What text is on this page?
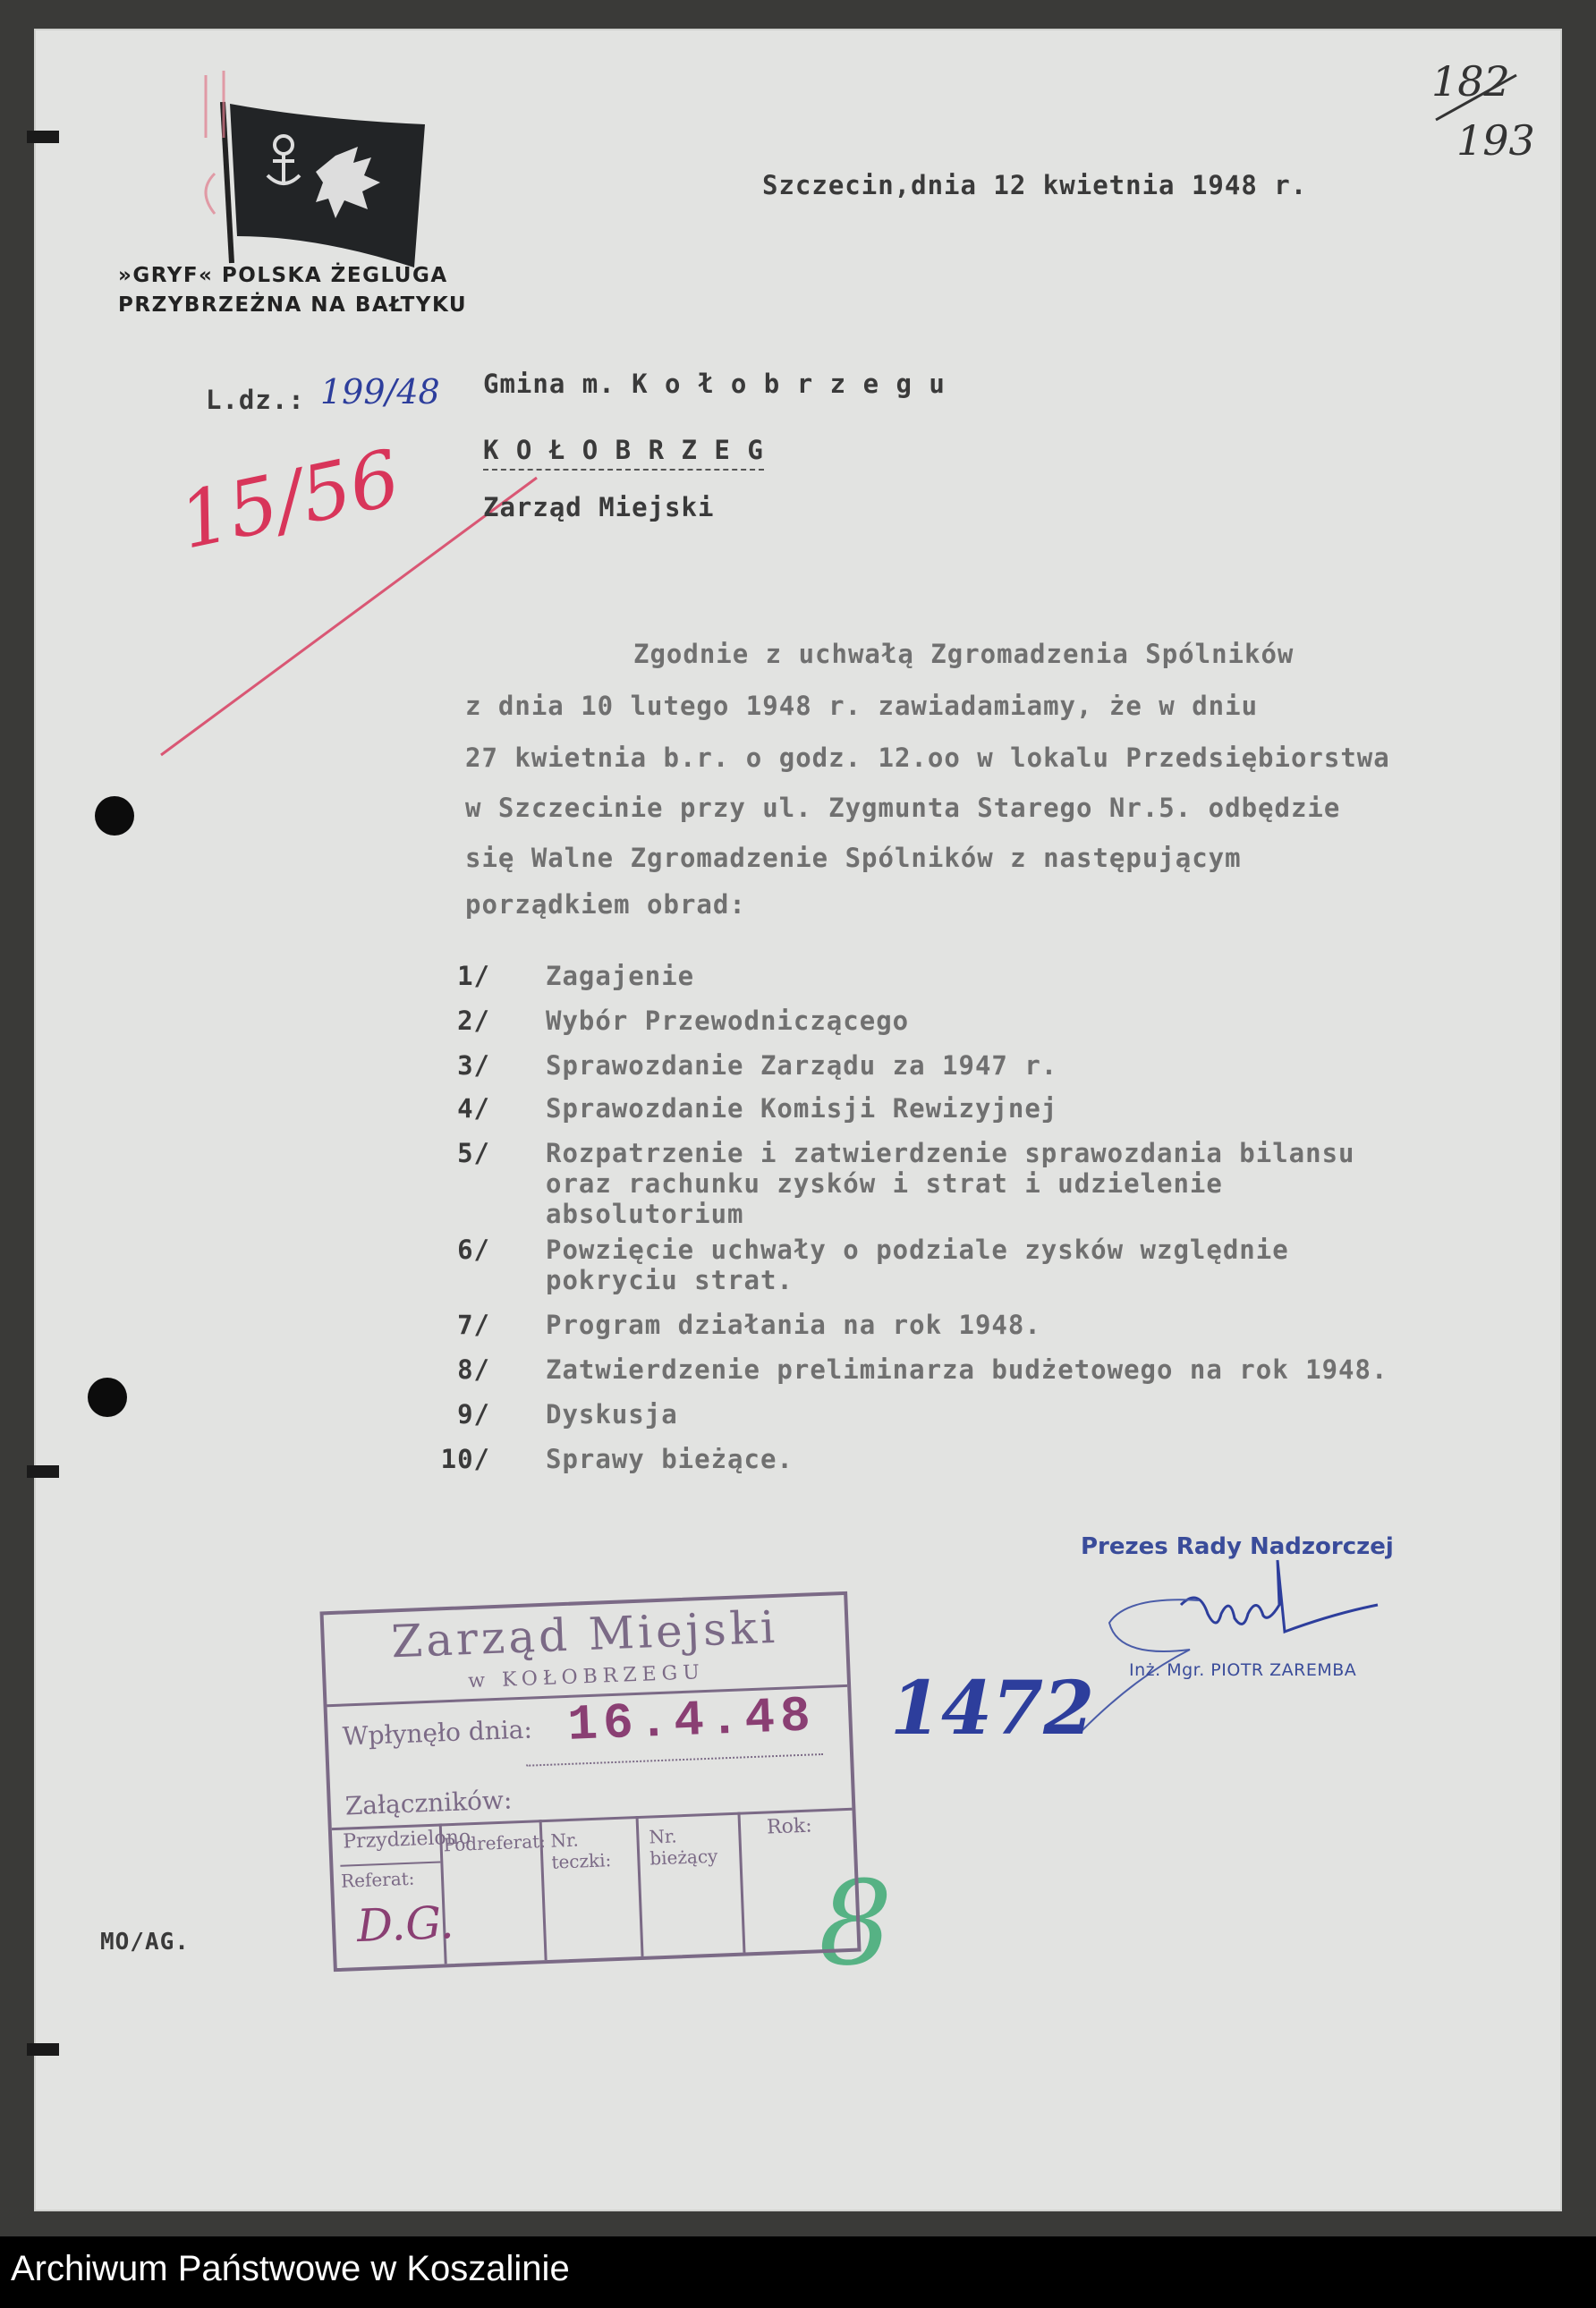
182
193
»GRYF« POLSKA ŻEGLUGA
PRZYBRZEŻNA NA BAŁTYKU
Szczecin,dnia 12 kwietnia 1948 r.
L.dz.: 199/48
15/56
Gmina m. K o ł o b r z e g u
K O Ł O B R Z E G
Zarząd Miejski
Zgodnie z uchwałą Zgromadzenia Spólników
z dnia 10 lutego 1948 r. zawiadamiamy, że w dniu
27 kwietnia b.r. o godz. 12.oo w lokalu Przedsiębiorstwa
w Szczecinie przy ul. Zygmunta Starego Nr.5. odbędzie
się Walne Zgromadzenie Spólników z następującym
porządkiem obrad:
1/ Zagajenie
2/ Wybór Przewodniczącego
3/ Sprawozdanie Zarządu za 1947 r.
4/ Sprawozdanie Komisji Rewizyjnej
5/ Rozpatrzenie i zatwierdzenie sprawozdania bilansu
oraz rachunku zysków i strat i udzielenie
absolutorium
6/ Powzięcie uchwały o podziale zysków względnie
pokryciu strat.
7/ Program działania na rok 1948.
8/ Zatwierdzenie preliminarza budżetowego na rok 1948.
9/ Dyskusja
10/ Sprawy bieżące.
Prezes Rady Nadzorczej
Inż. Mgr. PIOTR ZAREMBA
MO/AG.
1472
8
Zarząd Miejski
w KOŁOBRZEGU
Wpłynęło dnia: 16.4.48
Załączników:
Przydzielono
Referat:
Podreferat: Nr. teczki:
Nr. bieżący
Rok:
D.G.
Archiwum Państwowe w Koszalinie
